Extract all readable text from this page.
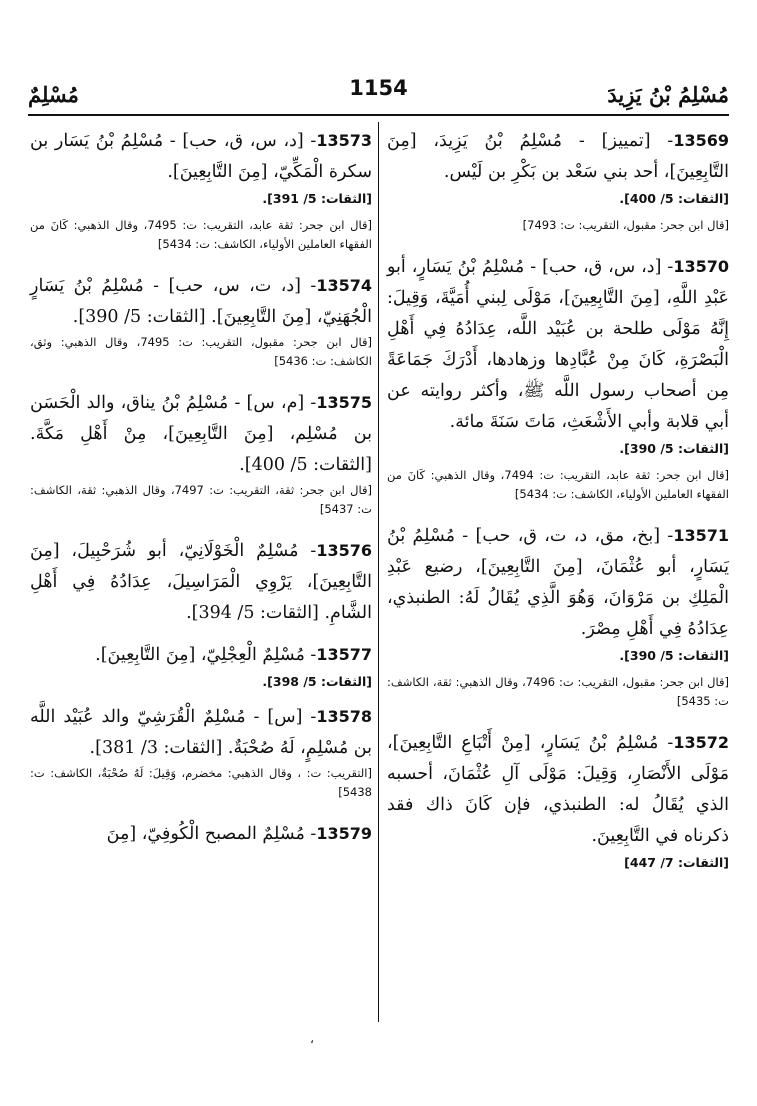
مُسْلِمُ بْنُ يَزِيدَ
1154
مُسْلِمٌ

13569- [تمييز] - مُسْلِمُ بْنُ يَزِيدَ، [مِنَ التَّابِعِينَ]، أحد بني سَعْد بن بَكْرِ بن لَيْس.

[الثقات: 5/ 400].
[قال ابن جحر: مقبول، التقريب: ت: 7493]

13570- [د، س، ق، حب] - مُسْلِمُ بْنُ يَسَارٍ، أبو عَبْدِ اللَّهِ، [مِنَ التَّابِعِينَ]، مَوْلَى لِبني أُمَيَّةَ، وَقِيلَ: إِنَّهُ مَوْلَى طلحة بن عُبَيْد اللَّه، عِدَادُهُ فِي أَهْلِ الْبَصْرَةِ، كَانَ مِنْ عُبَّادِها وزهادها، أَدْرَكَ جَمَاعَةً مِن أصحاب رسول اللَّه ﷺ، وأكثر روايته عن أبي قلابة وأبي الأَشْعَثِ، مَاتَ سَنَةَ مائة.

[الثقات: 5/ 390].
[قال ابن جحر: ثقة عابد، التقريب: ت: 7494، وقال الذهبي: كَانَ من الفقهاء العاملين الأولياء، الكاشف: ت: 5434]

13571- [بخ، مق، د، ت، ق، حب] - مُسْلِمُ بْنُ يَسَارٍ، أبو عُثْمَانَ، [مِنَ التَّابِعِينَ]، رضيع عَبْدِ الْمَلِكِ بن مَرْوَانَ، وَهُوَ الَّذِي يُقَالُ لَهُ: الطنبذي، عِدَادُهُ فِي أَهْلِ مِصْرَ.

[الثقات: 5/ 390].
[قال ابن جحر: مقبول، التقريب: ت: 7496، وقال الذهبي: ثقة، الكاشف: ت: 5435]

13572- مُسْلِمُ بْنُ يَسَارٍ، [مِنْ أَتْبَاعِ التَّابِعِينَ]، مَوْلَى الأَنْصَارِ، وَقِيلَ: مَوْلَى آلِ عُثْمَانَ، أحسبه الذي يُقَالُ له: الطنبذي، فإن كَانَ ذاك فقد ذكرناه في التَّابِعِينَ.

[الثقات: 7/ 447]

13573- [د، س، ق، حب] - مُسْلِمُ بْنُ يَسَار بن سكرة الْمَكِّيّ، [مِنَ التَّابِعِينَ].

[الثقات: 5/ 391].
[قال ابن جحر: ثقة عابد، التقريب: ت: 7495، وقال الذهبي: كَانَ من الفقهاء العاملين الأولياء، الكاشف: ت: 5434]

13574- [د، ت، س، حب] - مُسْلِمُ بْنُ يَسَارٍ الْجُهَنِيّ، [مِنَ التَّابِعِينَ]. [الثقات: 5/ 390].

[قال ابن جحر: مقبول، التقريب: ت: 7495، وقال الذهبي: وثق، الكاشف: ت: 5436]

13575- [م، س] - مُسْلِمُ بْنُ يناق، والد الْحَسَن بن مُسْلِم، [مِنَ التَّابِعِينَ]، مِنْ أَهْلِ مَكَّةَ. [الثقات: 5/ 400].

[قال ابن جحر: ثقة، التقريب: ت: 7497، وقال الذهبي: ثقة، الكاشف: ت: 5437]

13576- مُسْلِمٌ الْخَوْلَانِيّ، أبو شُرَحْبِيلَ، [مِنَ التَّابِعِينَ]، يَرْوِي الْمَرَاسِيلَ، عِدَادُهُ فِي أَهْلِ الشَّامِ. [الثقات: 5/ 394].

13577- مُسْلِمٌ الْعِجْلِيّ، [مِنَ التَّابِعِينَ].

[الثقات: 5/ 398].

13578- [س] - مُسْلِمٌ الْقُرَشِيّ والد عُبَيْد اللَّه بن مُسْلِمٍ، لَهُ صُحْبَةٌ. [الثقات: 3/ 381].

[التقريب: ت: ، وقال الذهبي: مخضرم، وَقِيلَ: لَهُ صُحْبَةٌ، الكاشف: ت: 5438]

13579- مُسْلِمٌ المصبح الْكُوفِيّ، [مِنَ

،
